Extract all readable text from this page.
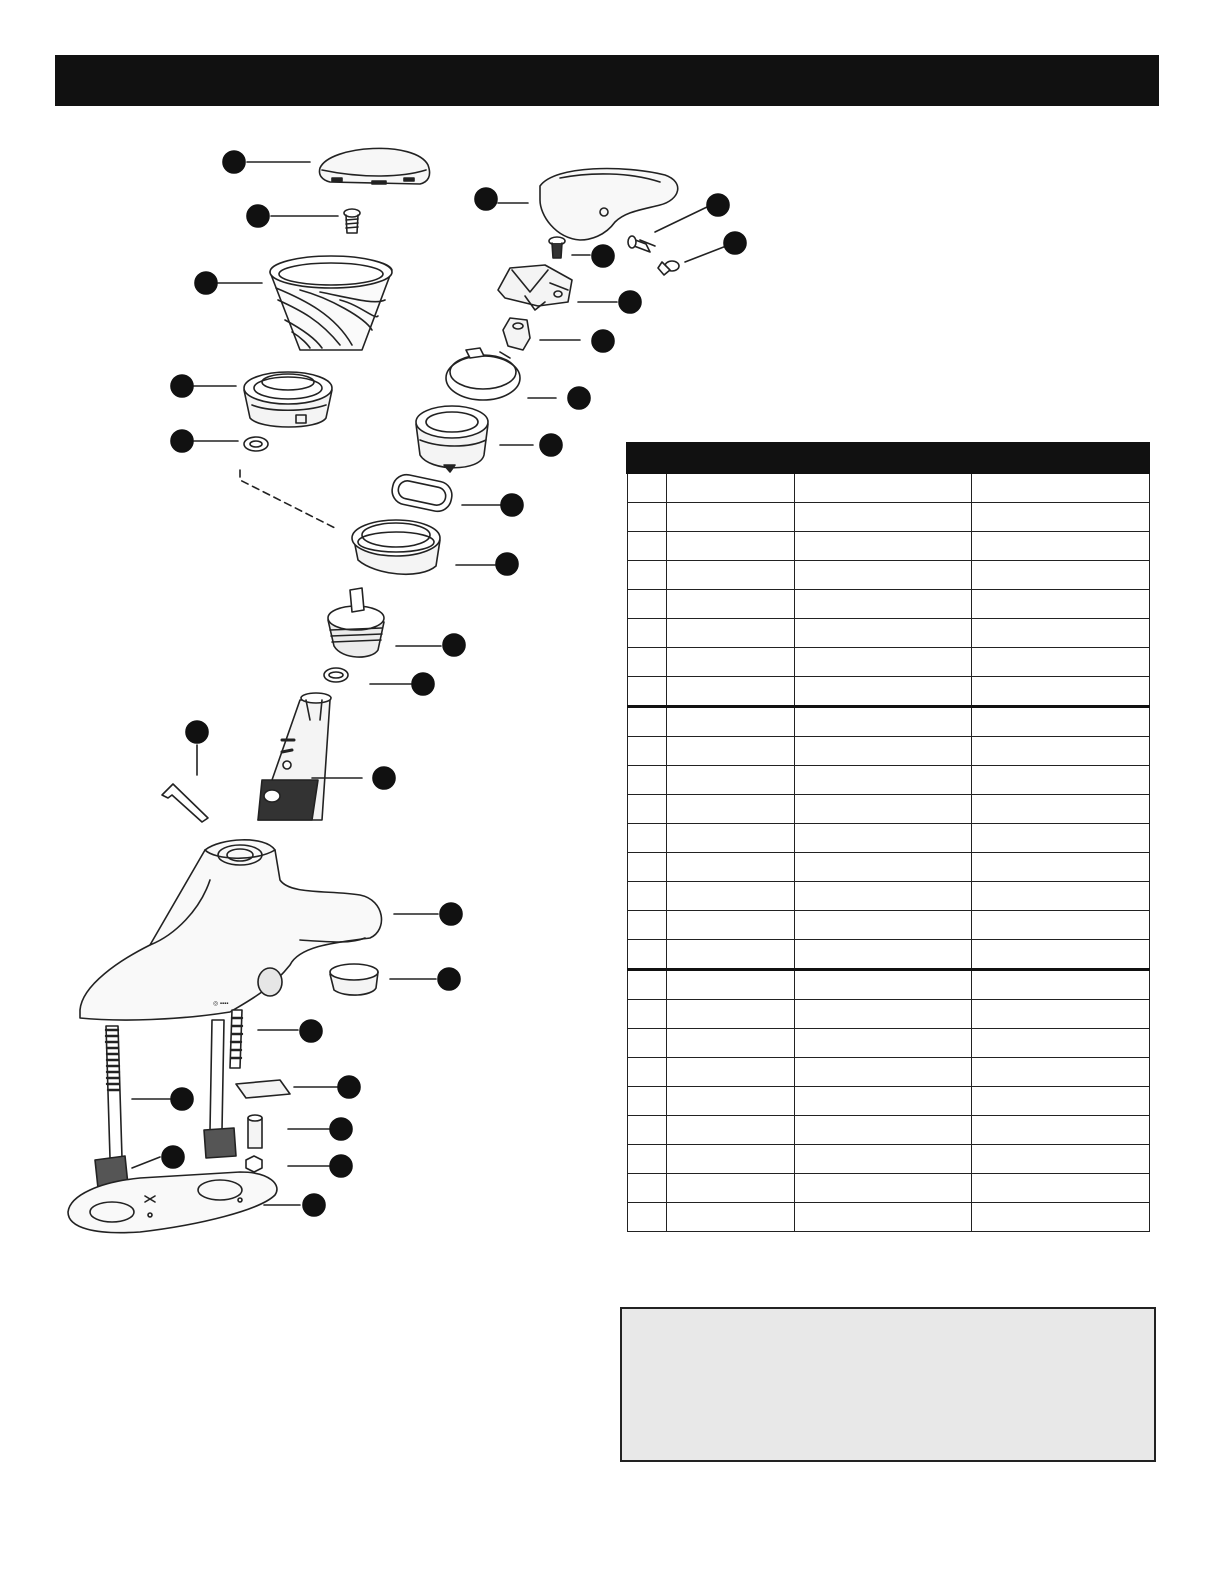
◎ ▪▪▪▪
